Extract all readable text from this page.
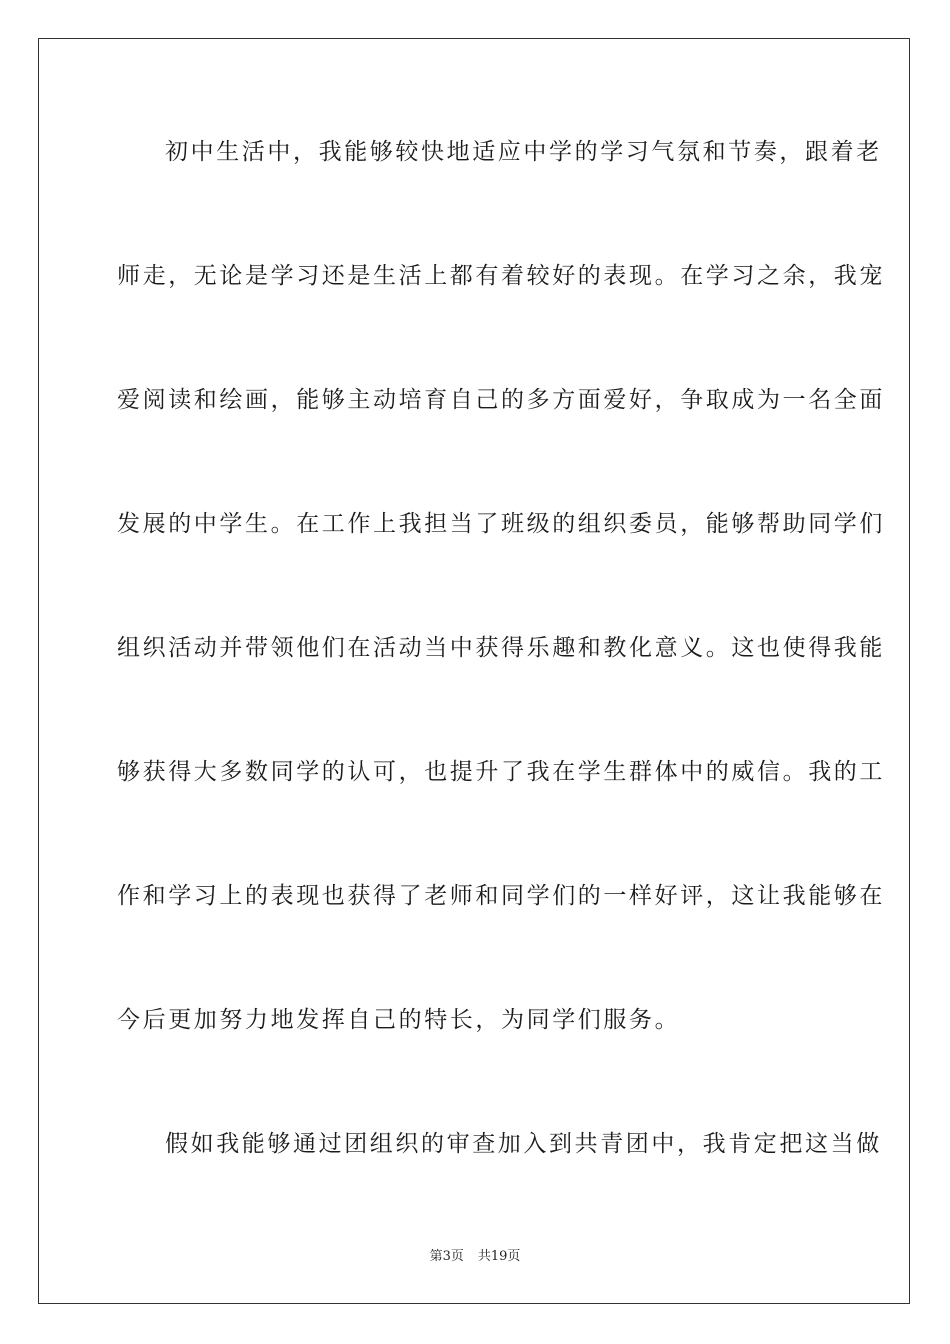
初中生活中，我能够较快地适应中学的学习气氛和节奏，跟着老
师走，无论是学习还是生活上都有着较好的表现。在学习之余，我宠
爱阅读和绘画，能够主动培育自己的多方面爱好，争取成为一名全面
发展的中学生。在工作上我担当了班级的组织委员，能够帮助同学们
组织活动并带领他们在活动当中获得乐趣和教化意义。这也使得我能
够获得大多数同学的认可，也提升了我在学生群体中的威信。我的工
作和学习上的表现也获得了老师和同学们的一样好评，这让我能够在
今后更加努力地发挥自己的特长，为同学们服务。
假如我能够通过团组织的审查加入到共青团中，我肯定把这当做
第3页 共19页
